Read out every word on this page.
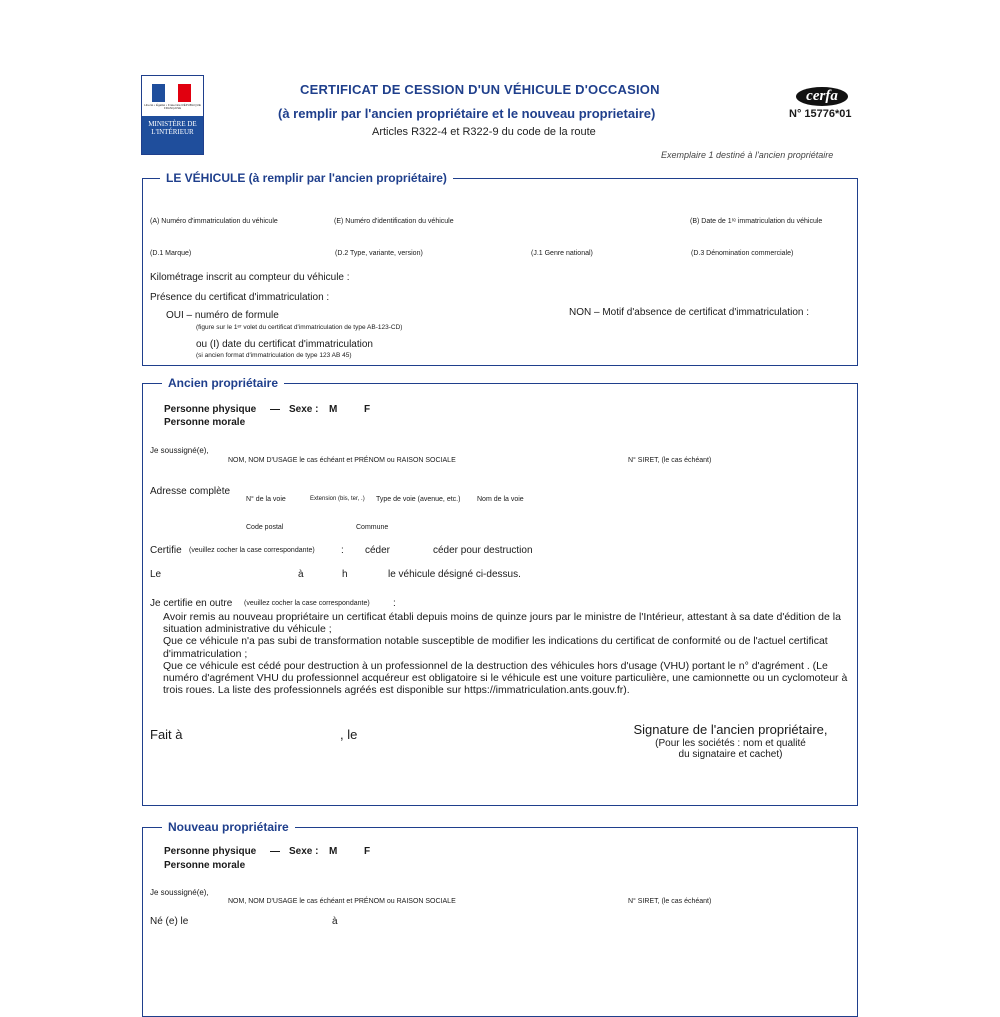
Liberté • Égalité • Fraternité RÉPUBLIQUE FRANÇAISE
MINISTÈRE DE L'INTÉRIEUR
CERTIFICAT DE CESSION D'UN VÉHICULE D'OCCASION
(à remplir par l'ancien propriétaire et le nouveau proprietaire)
Articles R322-4 et R322-9 du code de la route
cerfa
N° 15776*01
Exemplaire 1 destiné à l'ancien propriétaire
LE VÉHICULE (à remplir par l'ancien propriétaire)
(A) Numéro d'immatriculation du véhicule	(E) Numéro d'identification du véhicule	(B) Date de 1ʳᵉ immatriculation du véhicule
(D.1 Marque)	(D.2 Type, variante, version)	(J.1 Genre national)	(D.3 Dénomination commerciale)
Kilométrage inscrit au compteur du véhicule :
Présence du certificat d'immatriculation :
OUI – numéro de formule
(figure sur le 1ᵉʳ volet du certificat d'immatriculation de type AB-123-CD)
ou (I) date du certificat d'immatriculation
(si ancien format d'immatriculation de type 123 AB 45)
NON – Motif d'absence de certificat d'immatriculation :
Ancien propriétaire
Personne physique — Sexe : M	F
Personne morale
Je soussigné(e),
NOM, NOM D'USAGE le cas échéant et PRÉNOM ou RAISON SOCIALE	N° SIRET, (le cas échéant)
Adresse complète
N° de la voie	Extension (bis, ter, .) Type de voie (avenue, etc.) Nom de la voie
Code postal	Commune
Certifie (veuillez cocher la case correspondante)	: céder	céder pour destruction
Le	à	h	le véhicule désigné ci-dessus.
Je certifie en outre (veuillez cocher la case correspondante) :

Avoir remis au nouveau propriétaire un certificat établi depuis moins de quinze jours par le ministre de l'Intérieur, attestant à sa date d'édition de la situation administrative du véhicule ;

Que ce véhicule n'a pas subi de transformation notable susceptible de modifier les indications du certificat de conformité ou de l'actuel certificat d'immatriculation ;

Que ce véhicule est cédé pour destruction à un professionnel de la destruction des véhicules hors d'usage (VHU) portant le n° d'agrément . (Le numéro d'agrément VHU du professionnel acquéreur est obligatoire si le véhicule est une voiture particulière, une camionnette ou un cyclomoteur à trois roues. La liste des professionnels agréés est disponible sur https://immatriculation.ants.gouv.fr).

Fait à	, le	Signature de l'ancien propriétaire,
(Pour les sociétés : nom et qualité
du signataire et cachet)
Nouveau propriétaire
Personne physique — Sexe : M	F
Personne morale
Je soussigné(e),
NOM, NOM D'USAGE le cas échéant et PRÉNOM ou RAISON SOCIALE	N° SIRET, (le cas échéant)
Né (e) le	à
